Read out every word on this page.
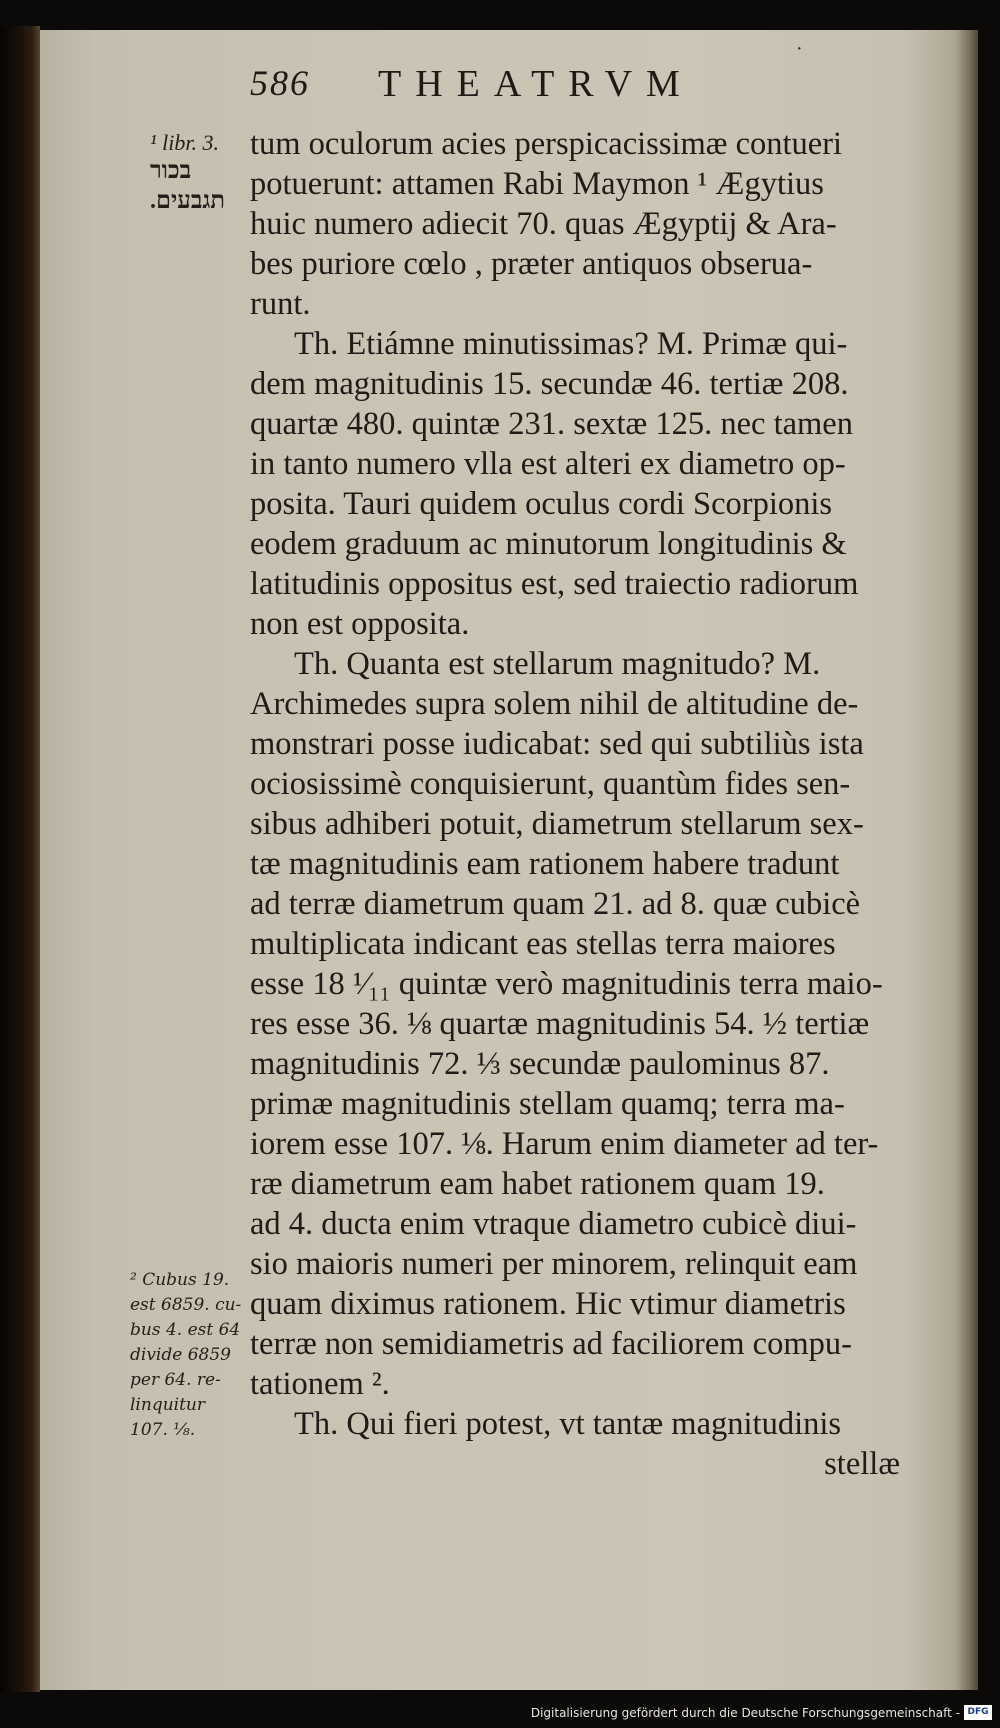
·
586 THEATRVM
¹ libr. 3.
בכור
תגבעים.
² Cubus 19.
est 6859. cu-
bus 4. est 64
divide 6859
per 64. re-
linquitur
107. ⅛.
tum oculorum acies perspicacissimæ contueri
potuerunt: attamen Rabi Maymon ¹ Ægytius
huic numero adiecit 70. quas Ægyptij & Ara-
bes puriore cœlo , præter antiquos obserua-
runt.
Th. Etiámne minutissimas? M. Primæ qui-
dem magnitudinis 15. secundæ 46. tertiæ 208.
quartæ 480. quintæ 231. sextæ 125. nec tamen
in tanto numero vlla est alteri ex diametro op-
posita. Tauri quidem oculus cordi Scorpionis
eodem graduum ac minutorum longitudinis &
latitudinis oppositus est, sed traiectio radiorum
non est opposita.
Th. Quanta est stellarum magnitudo? M.
Archimedes supra solem nihil de altitudine de-
monstrari posse iudicabat: sed qui subtiliùs ista
ociosissimè conquisierunt, quantùm fides sen-
sibus adhiberi potuit, diametrum stellarum sex-
tæ magnitudinis eam rationem habere tradunt
ad terræ diametrum quam 21. ad 8. quæ cubicè
multiplicata indicant eas stellas terra maiores
esse 18 ¹⁄₁₁ quintæ verò magnitudinis terra maio-
res esse 36. ⅛ quartæ magnitudinis 54. ½ tertiæ
magnitudinis 72. ⅓ secundæ paulominus 87.
primæ magnitudinis stellam quamq; terra ma-
iorem esse 107. ⅛. Harum enim diameter ad ter-
ræ diametrum eam habet rationem quam 19.
ad 4. ducta enim vtraque diametro cubicè diui-
sio maioris numeri per minorem, relinquit eam
quam diximus rationem. Hic vtimur diametris
terræ non semidiametris ad faciliorem compu-
tationem ².
Th. Qui fieri potest, vt tantæ magnitudinis
stellæ
Digitalisierung gefördert durch die Deutsche Forschungsgemeinschaft - DFG
